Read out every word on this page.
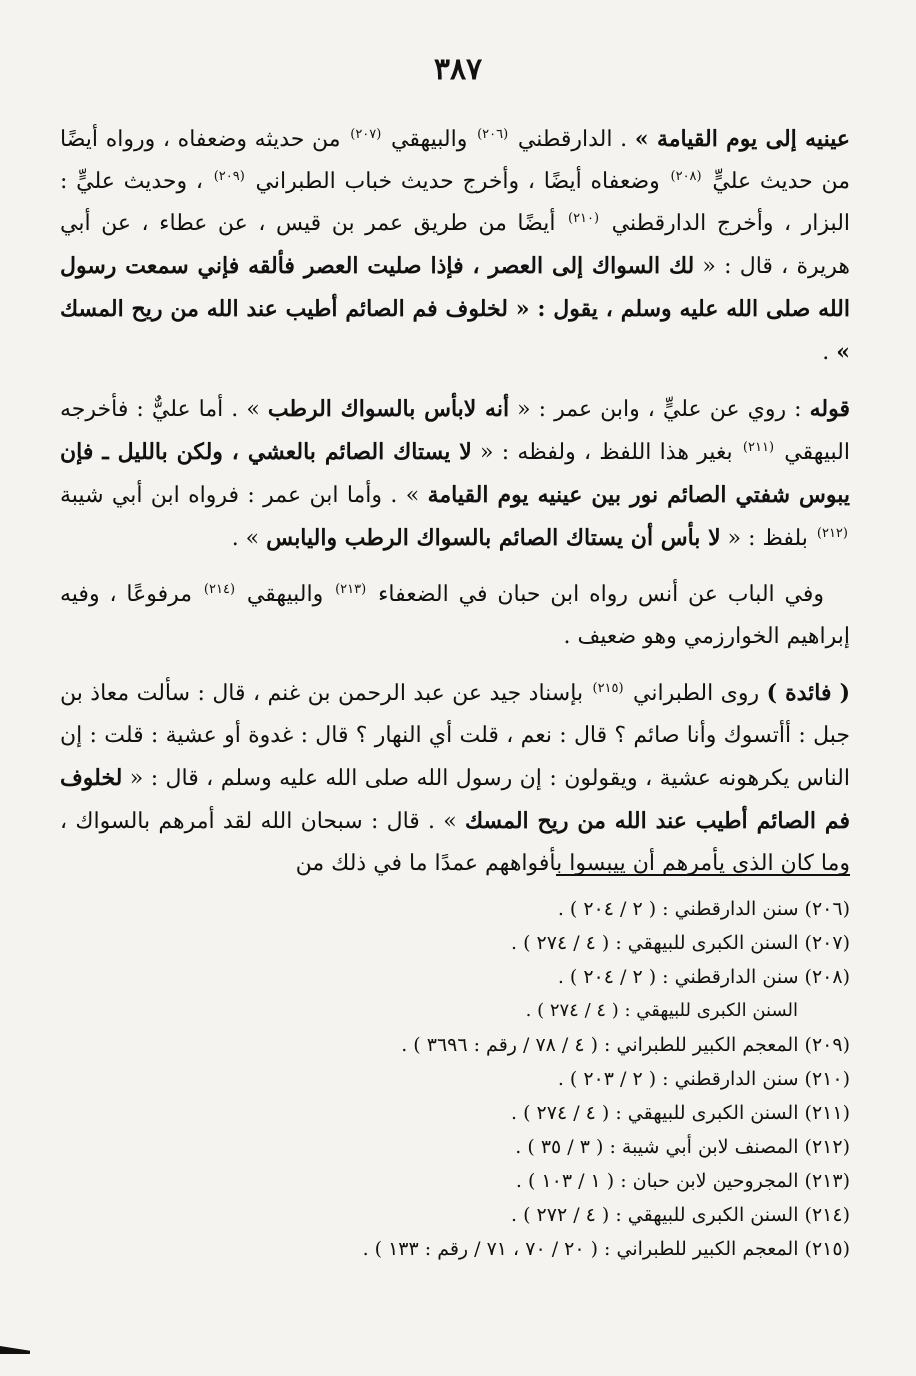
٣٨٧

عينيه إلى يوم القيامة » . الدارقطني $^{(٢٠٦)}$ والبيهقي $^{(٢٠٧)}$ من حديثه وضعفاه ، ورواه أيضًا من حديث عليٍّ $^{(٢٠٨)}$ وضعفاه أيضًا ، وأخرج حديث خباب الطبراني $^{(٢٠٩)}$ ، وحديث عليٍّ : البزار ، وأخرج الدارقطني $^{(٢١٠)}$ أيضًا من طريق عمر بن قيس ، عن عطاء ، عن أبي هريرة ، قال : « لك السواك إلى العصر ، فإذا صليت العصر فألقه فإني سمعت رسول الله صلى الله عليه وسلم ، يقول : « لخلوف فم الصائم أطيب عند الله من ريح المسك » .

قوله : روي عن عليٍّ ، وابن عمر : « أنه لابأس بالسواك الرطب » . أما عليٌّ : فأخرجه البيهقي $^{(٢١١)}$ بغير هذا اللفظ ، ولفظه : « لا يستاك الصائم بالعشي ، ولكن بالليل ـ فإن يبوس شفتي الصائم نور بين عينيه يوم القيامة » . وأما ابن عمر : فرواه ابن أبي شيبة $^{(٢١٢)}$ بلفظ : « لا بأس أن يستاك الصائم بالسواك الرطب واليابس » .

وفي الباب عن أنس رواه ابن حبان في الضعفاء $^{(٢١٣)}$ والبيهقي $^{(٢١٤)}$ مرفوعًا ، وفيه إبراهيم الخوارزمي وهو ضعيف .

( فائدة ) روى الطبراني $^{(٢١٥)}$ بإسناد جيد عن عبد الرحمن بن غنم ، قال : سألت معاذ بن جبل : أأتسوك وأنا صائم ؟ قال : نعم ، قلت أي النهار ؟ قال : غدوة أو عشية : قلت : إن الناس يكرهونه عشية ، ويقولون : إن رسول الله صلى الله عليه وسلم ، قال : « لخلوف فم الصائم أطيب عند الله من ريح المسك » . قال : سبحان الله لقد أمرهم بالسواك ، وما كان الذي يأمرهم أن ييبسوا بأفواههم عمدًا ما في ذلك من

(٢٠٦) سنن الدارقطني : ( ٢ / ٢٠٤ ) .
(٢٠٧) السنن الكبرى للبيهقي : ( ٤ / ٢٧٤ ) .
(٢٠٨) سنن الدارقطني : ( ٢ / ٢٠٤ ) .
السنن الكبرى للبيهقي : ( ٤ / ٢٧٤ ) .
(٢٠٩) المعجم الكبير للطبراني : ( ٤ / ٧٨ / رقم : ٣٦٩٦ ) .
(٢١٠) سنن الدارقطني : ( ٢ / ٢٠٣ ) .
(٢١١) السنن الكبرى للبيهقي : ( ٤ / ٢٧٤ ) .
(٢١٢) المصنف لابن أبي شيبة : ( ٣ / ٣٥ ) .
(٢١٣) المجروحين لابن حبان : ( ١ / ١٠٣ ) .
(٢١٤) السنن الكبرى للبيهقي : ( ٤ / ٢٧٢ ) .
(٢١٥) المعجم الكبير للطبراني : ( ٢٠ / ٧٠ ، ٧١ / رقم : ١٣٣ ) .
